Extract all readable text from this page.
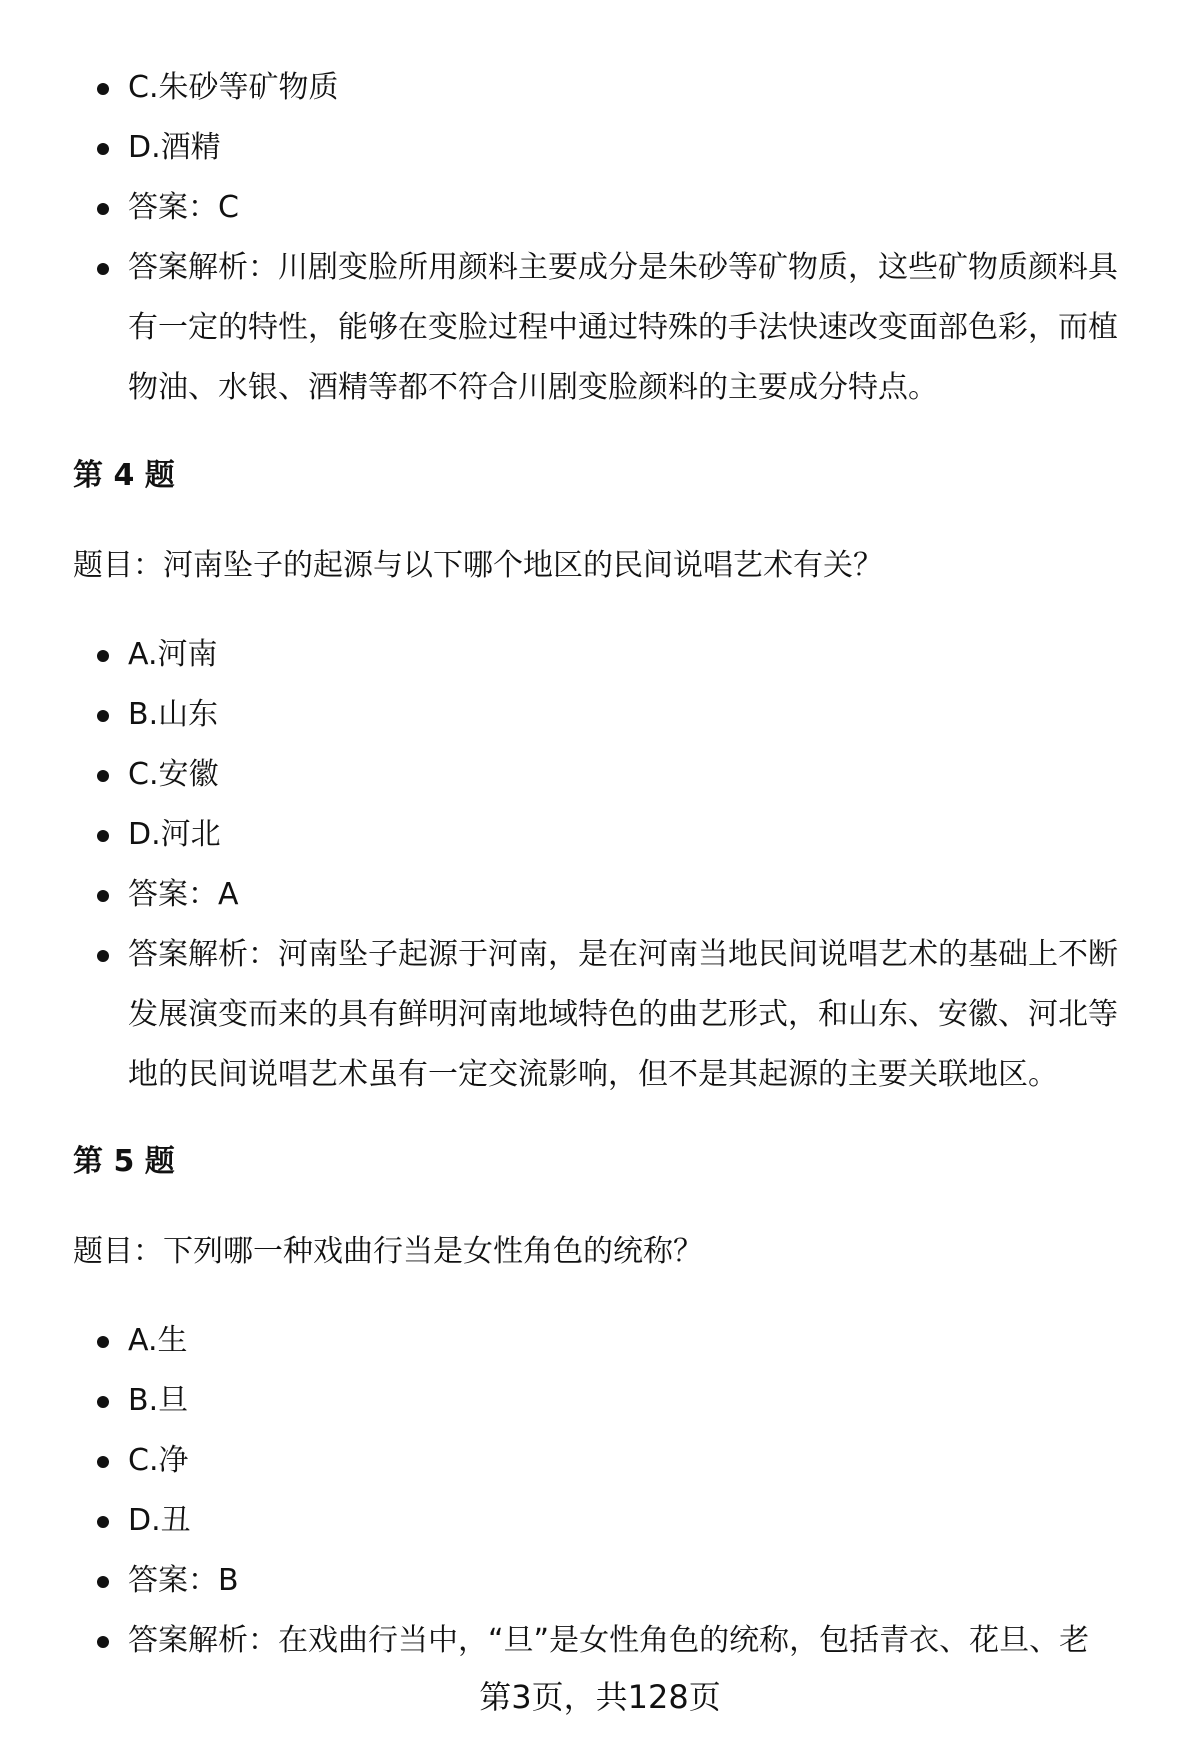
C.朱砂等矿物质
D.酒精
答案：C
答案解析：川剧变脸所用颜料主要成分是朱砂等矿物质，这些矿物质颜料具有一定的特性，能够在变脸过程中通过特殊的手法快速改变面部色彩，而植物油、水银、酒精等都不符合川剧变脸颜料的主要成分特点。
第 4 题
题目：河南坠子的起源与以下哪个地区的民间说唱艺术有关？
A.河南
B.山东
C.安徽
D.河北
答案：A
答案解析：河南坠子起源于河南，是在河南当地民间说唱艺术的基础上不断发展演变而来的具有鲜明河南地域特色的曲艺形式，和山东、安徽、河北等地的民间说唱艺术虽有一定交流影响，但不是其起源的主要关联地区。
第 5 题
题目：下列哪一种戏曲行当是女性角色的统称？
A.生
B.旦
C.净
D.丑
答案：B
答案解析：在戏曲行当中，“旦”是女性角色的统称，包括青衣、花旦、老
第3页，共128页
